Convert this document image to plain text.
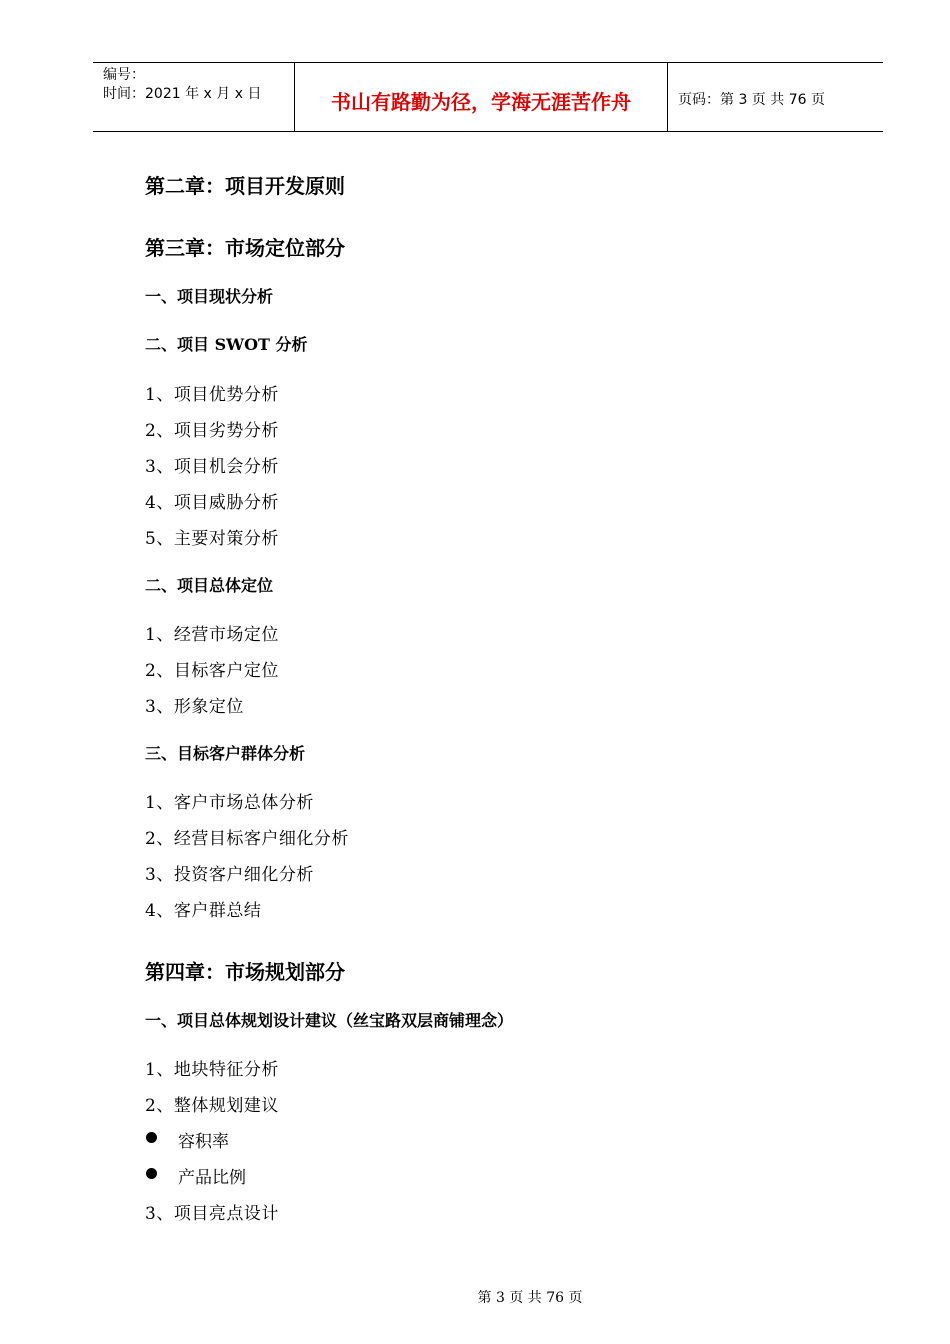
编号：
时间：2021 年 x 月 x 日	书山有路勤为径，学海无涯苦作舟	页码：第 3 页 共 76 页
第二章：项目开发原则
第三章：市场定位部分
一、项目现状分析
二、项目 SWOT 分析
1、项目优势分析
2、项目劣势分析
3、项目机会分析
4、项目威胁分析
5、主要对策分析
二、项目总体定位
1、经营市场定位
2、目标客户定位
3、形象定位
三、目标客户群体分析
1、客户市场总体分析
2、经营目标客户细化分析
3、投资客户细化分析
4、客户群总结
第四章：市场规划部分
一、项目总体规划设计建议（丝宝路双层商铺理念）
1、地块特征分析
2、整体规划建议
容积率
产品比例
3、项目亮点设计
第 3 页 共 76 页
